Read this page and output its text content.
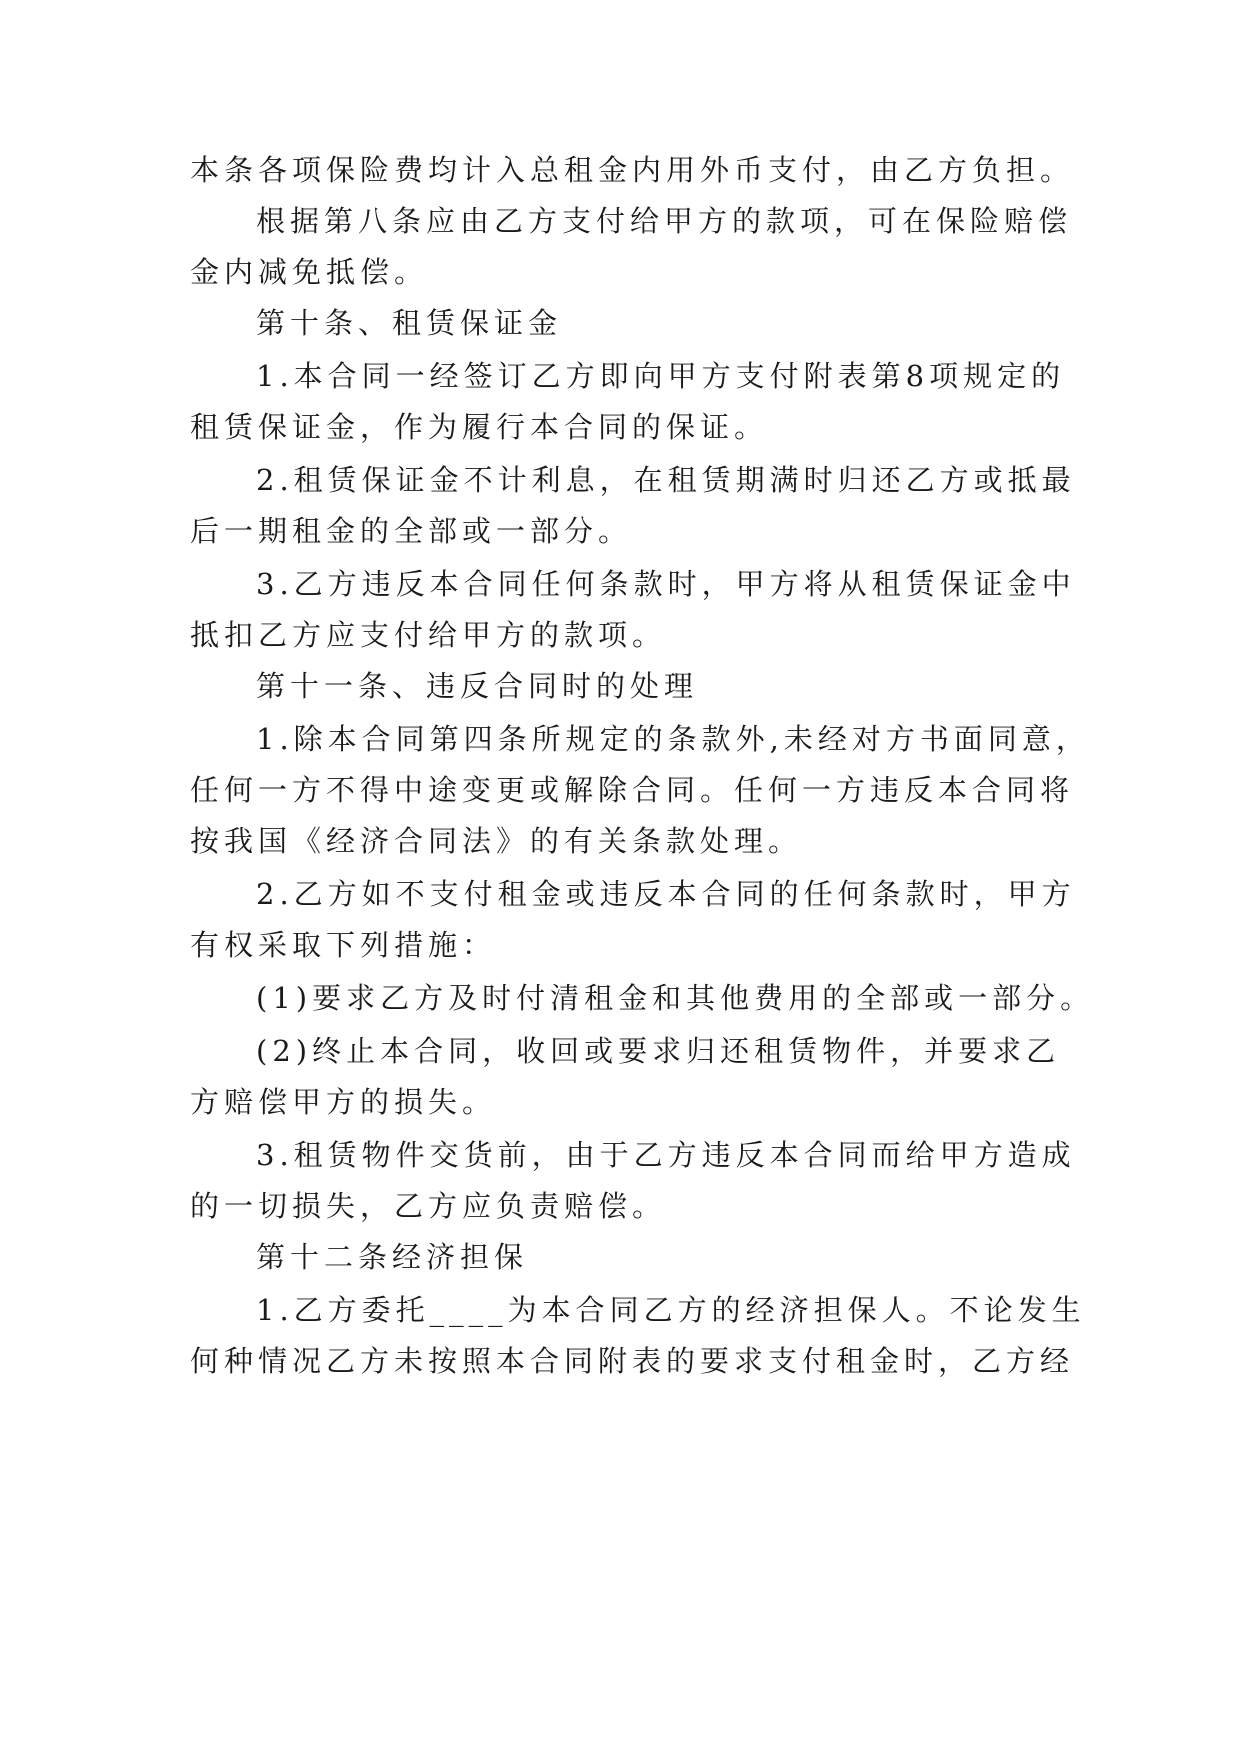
本条各项保险费均计入总租金内用外币支付，由乙方负担。
根据第八条应由乙方支付给甲方的款项，可在保险赔偿
金内减免抵偿。
第十条、租赁保证金
1.本合同一经签订乙方即向甲方支付附表第8项规定的
租赁保证金，作为履行本合同的保证。
2.租赁保证金不计利息，在租赁期满时归还乙方或抵最
后一期租金的全部或一部分。
3.乙方违反本合同任何条款时，甲方将从租赁保证金中
抵扣乙方应支付给甲方的款项。
第十一条、违反合同时的处理
1.除本合同第四条所规定的条款外,未经对方书面同意，
任何一方不得中途变更或解除合同。任何一方违反本合同将
按我国《经济合同法》的有关条款处理。
2.乙方如不支付租金或违反本合同的任何条款时，甲方
有权采取下列措施：
(1)要求乙方及时付清租金和其他费用的全部或一部分。
(2)终止本合同，收回或要求归还租赁物件，并要求乙
方赔偿甲方的损失。
3.租赁物件交货前，由于乙方违反本合同而给甲方造成
的一切损失，乙方应负责赔偿。
第十二条经济担保
1.乙方委托____为本合同乙方的经济担保人。不论发生
何种情况乙方未按照本合同附表的要求支付租金时，乙方经
